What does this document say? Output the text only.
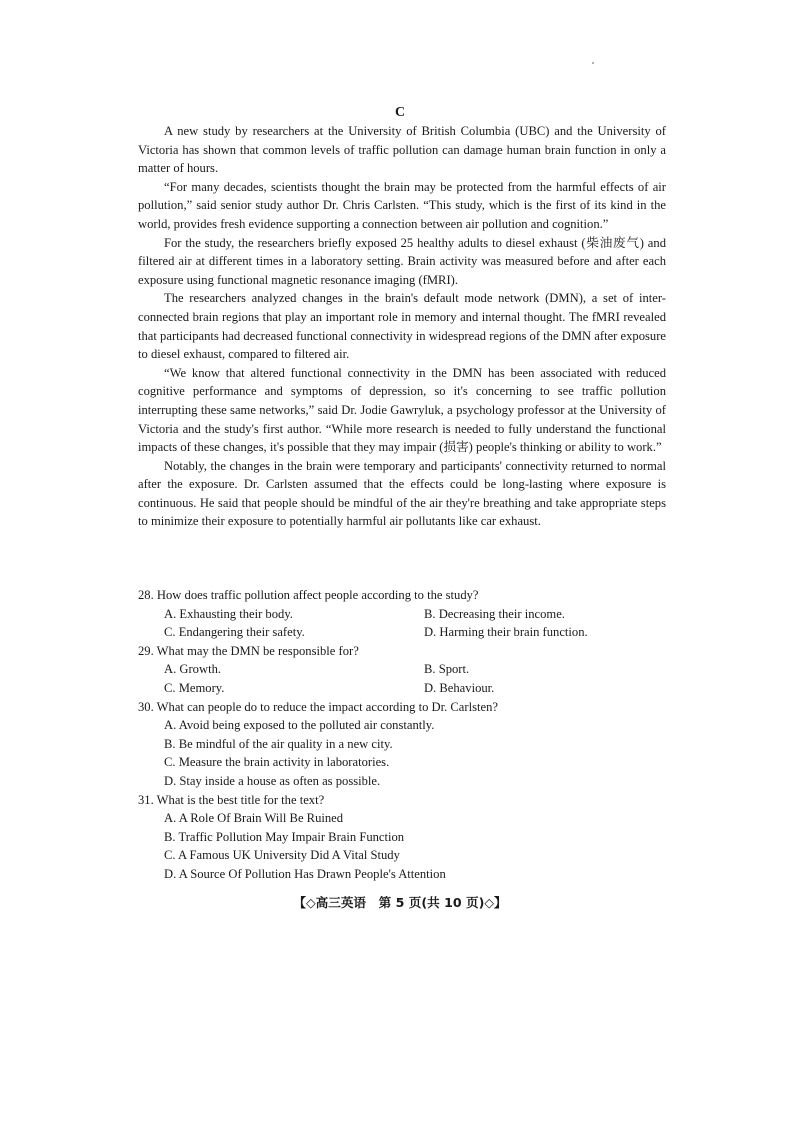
C

A new study by researchers at the University of British Columbia (UBC) and the University of Victoria has shown that common levels of traffic pollution can damage human brain function in only a matter of hours.

“For many decades, scientists thought the brain may be protected from the harmful effects of air pollution,” said senior study author Dr. Chris Carlsten. “This study, which is the first of its kind in the world, provides fresh evidence supporting a connection between air pollution and cognition.”

For the study, the researchers briefly exposed 25 healthy adults to diesel exhaust (柴油废气) and filtered air at different times in a laboratory setting. Brain activity was measured before and after each exposure using functional magnetic resonance imaging (fMRI).

The researchers analyzed changes in the brain's default mode network (DMN), a set of inter-connected brain regions that play an important role in memory and internal thought. The fMRI revealed that participants had decreased functional connectivity in widespread regions of the DMN after exposure to diesel exhaust, compared to filtered air.

“We know that altered functional connectivity in the DMN has been associated with reduced cognitive performance and symptoms of depression, so it's concerning to see traffic pollution interrupting these same networks,” said Dr. Jodie Gawryluk, a psychology professor at the University of Victoria and the study's first author. “While more research is needed to fully understand the functional impacts of these changes, it's possible that they may impair (损害) people's thinking or ability to work.”

Notably, the changes in the brain were temporary and participants' connectivity returned to normal after the exposure. Dr. Carlsten assumed that the effects could be long-lasting where exposure is continuous. He said that people should be mindful of the air they're breathing and take appropriate steps to minimize their exposure to potentially harmful air pollutants like car exhaust.

28. How does traffic pollution affect people according to the study?
A. Exhausting their body.	B. Decreasing their income.
C. Endangering their safety.	D. Harming their brain function.
29. What may the DMN be responsible for?
A. Growth.	B. Sport.
C. Memory.	D. Behaviour.
30. What can people do to reduce the impact according to Dr. Carlsten?
A. Avoid being exposed to the polluted air constantly.
B. Be mindful of the air quality in a new city.
C. Measure the brain activity in laboratories.
D. Stay inside a house as often as possible.
31. What is the best title for the text?
A. A Role Of Brain Will Be Ruined
B. Traffic Pollution May Impair Brain Function
C. A Famous UK University Did A Vital Study
D. A Source Of Pollution Has Drawn People's Attention
【◇高三英语　第 5 页(共 10 页)◇】
